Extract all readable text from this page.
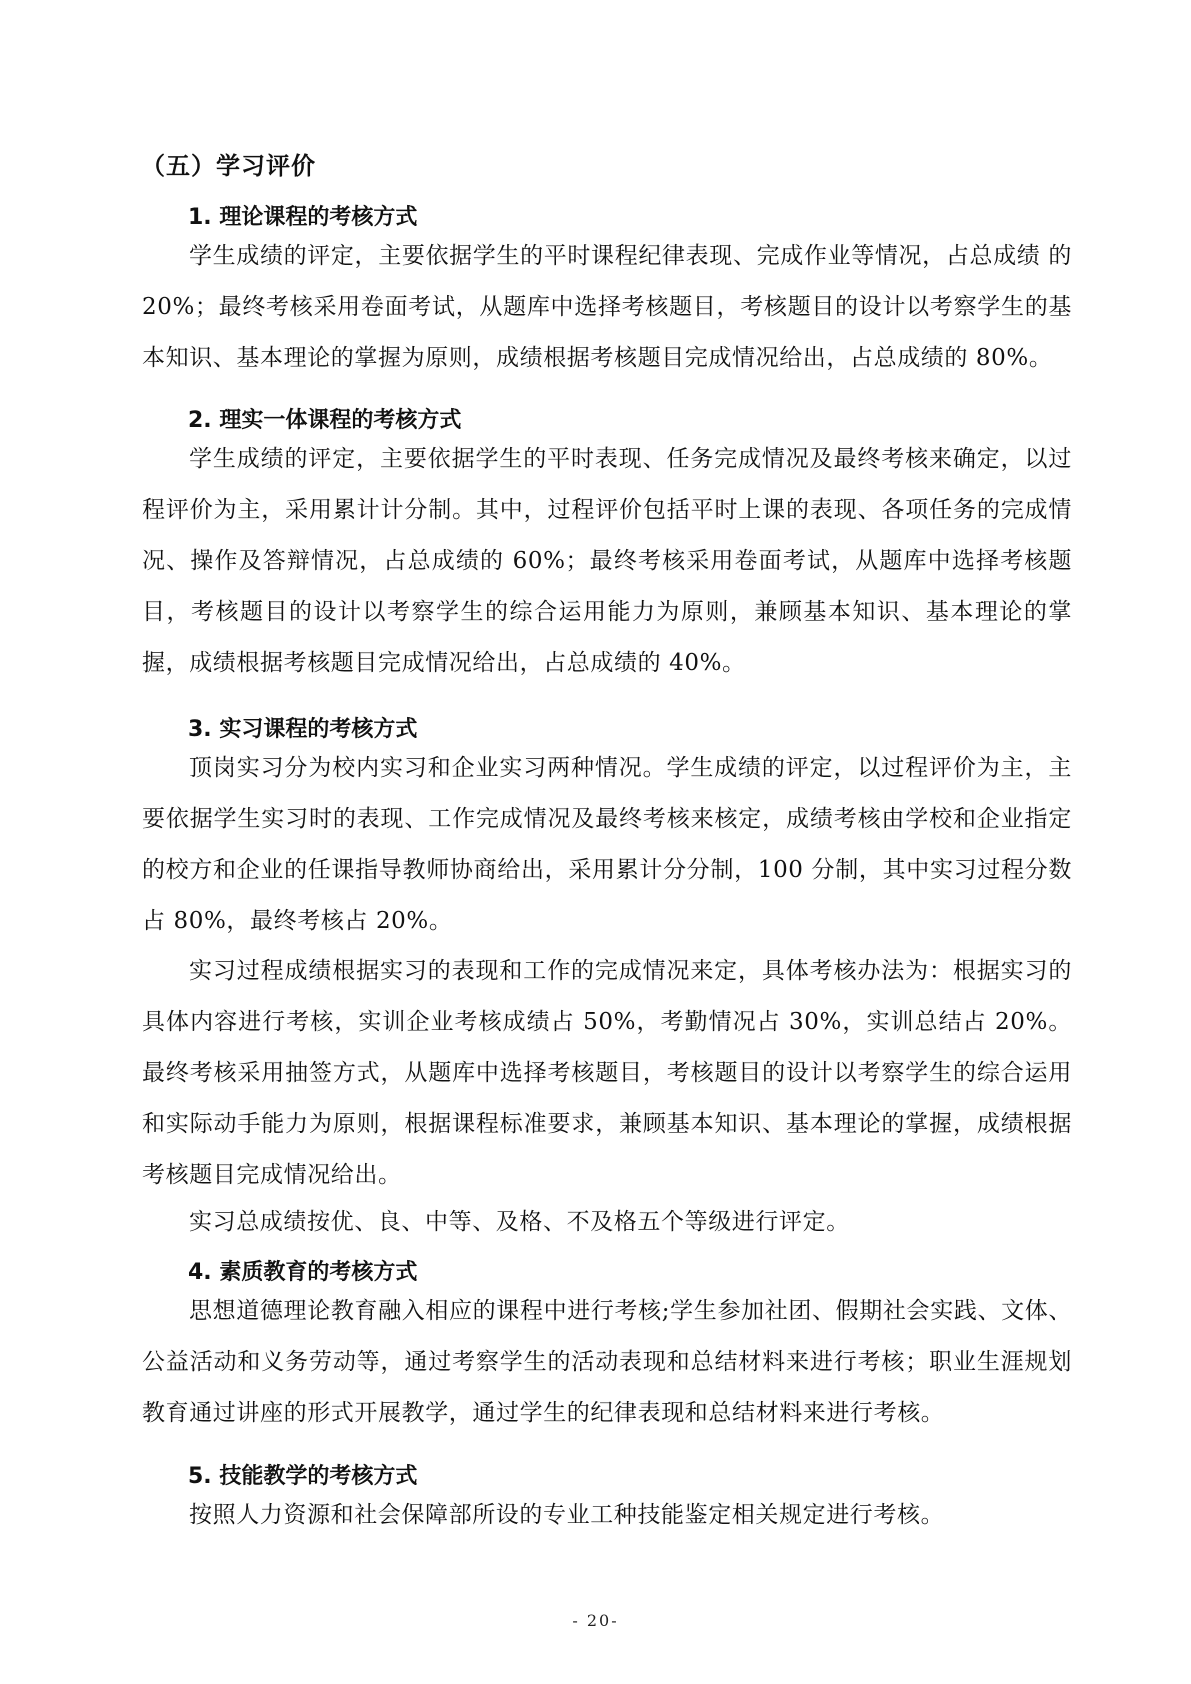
（五）学习评价
1. 理论课程的考核方式

学生成绩的评定，主要依据学生的平时课程纪律表现、完成作业等情况，占总成绩 的20%；最终考核采用卷面考试，从题库中选择考核题目，考核题目的设计以考察学生的基本知识、基本理论的掌握为原则，成绩根据考核题目完成情况给出，占总成绩的 80%。

2. 理实一体课程的考核方式

学生成绩的评定，主要依据学生的平时表现、任务完成情况及最终考核来确定，以过程评价为主，采用累计计分制。其中，过程评价包括平时上课的表现、各项任务的完成情况、操作及答辩情况，占总成绩的 60%；最终考核采用卷面考试，从题库中选择考核题目，考核题目的设计以考察学生的综合运用能力为原则，兼顾基本知识、基本理论的掌握，成绩根据考核题目完成情况给出，占总成绩的 40%。

3. 实习课程的考核方式

顶岗实习分为校内实习和企业实习两种情况。学生成绩的评定，以过程评价为主，主要依据学生实习时的表现、工作完成情况及最终考核来核定，成绩考核由学校和企业指定的校方和企业的任课指导教师协商给出，采用累计分分制，100 分制，其中实习过程分数占 80%，最终考核占 20%。

实习过程成绩根据实习的表现和工作的完成情况来定，具体考核办法为：根据实习的具体内容进行考核，实训企业考核成绩占 50%，考勤情况占 30%，实训总结占 20%。最终考核采用抽签方式，从题库中选择考核题目，考核题目的设计以考察学生的综合运用和实际动手能力为原则，根据课程标准要求，兼顾基本知识、基本理论的掌握，成绩根据考核题目完成情况给出。

实习总成绩按优、良、中等、及格、不及格五个等级进行评定。

4. 素质教育的考核方式

思想道德理论教育融入相应的课程中进行考核;学生参加社团、假期社会实践、文体、公益活动和义务劳动等，通过考察学生的活动表现和总结材料来进行考核；职业生涯规划教育通过讲座的形式开展教学，通过学生的纪律表现和总结材料来进行考核。

5. 技能教学的考核方式

按照人力资源和社会保障部所设的专业工种技能鉴定相关规定进行考核。

- 20-
